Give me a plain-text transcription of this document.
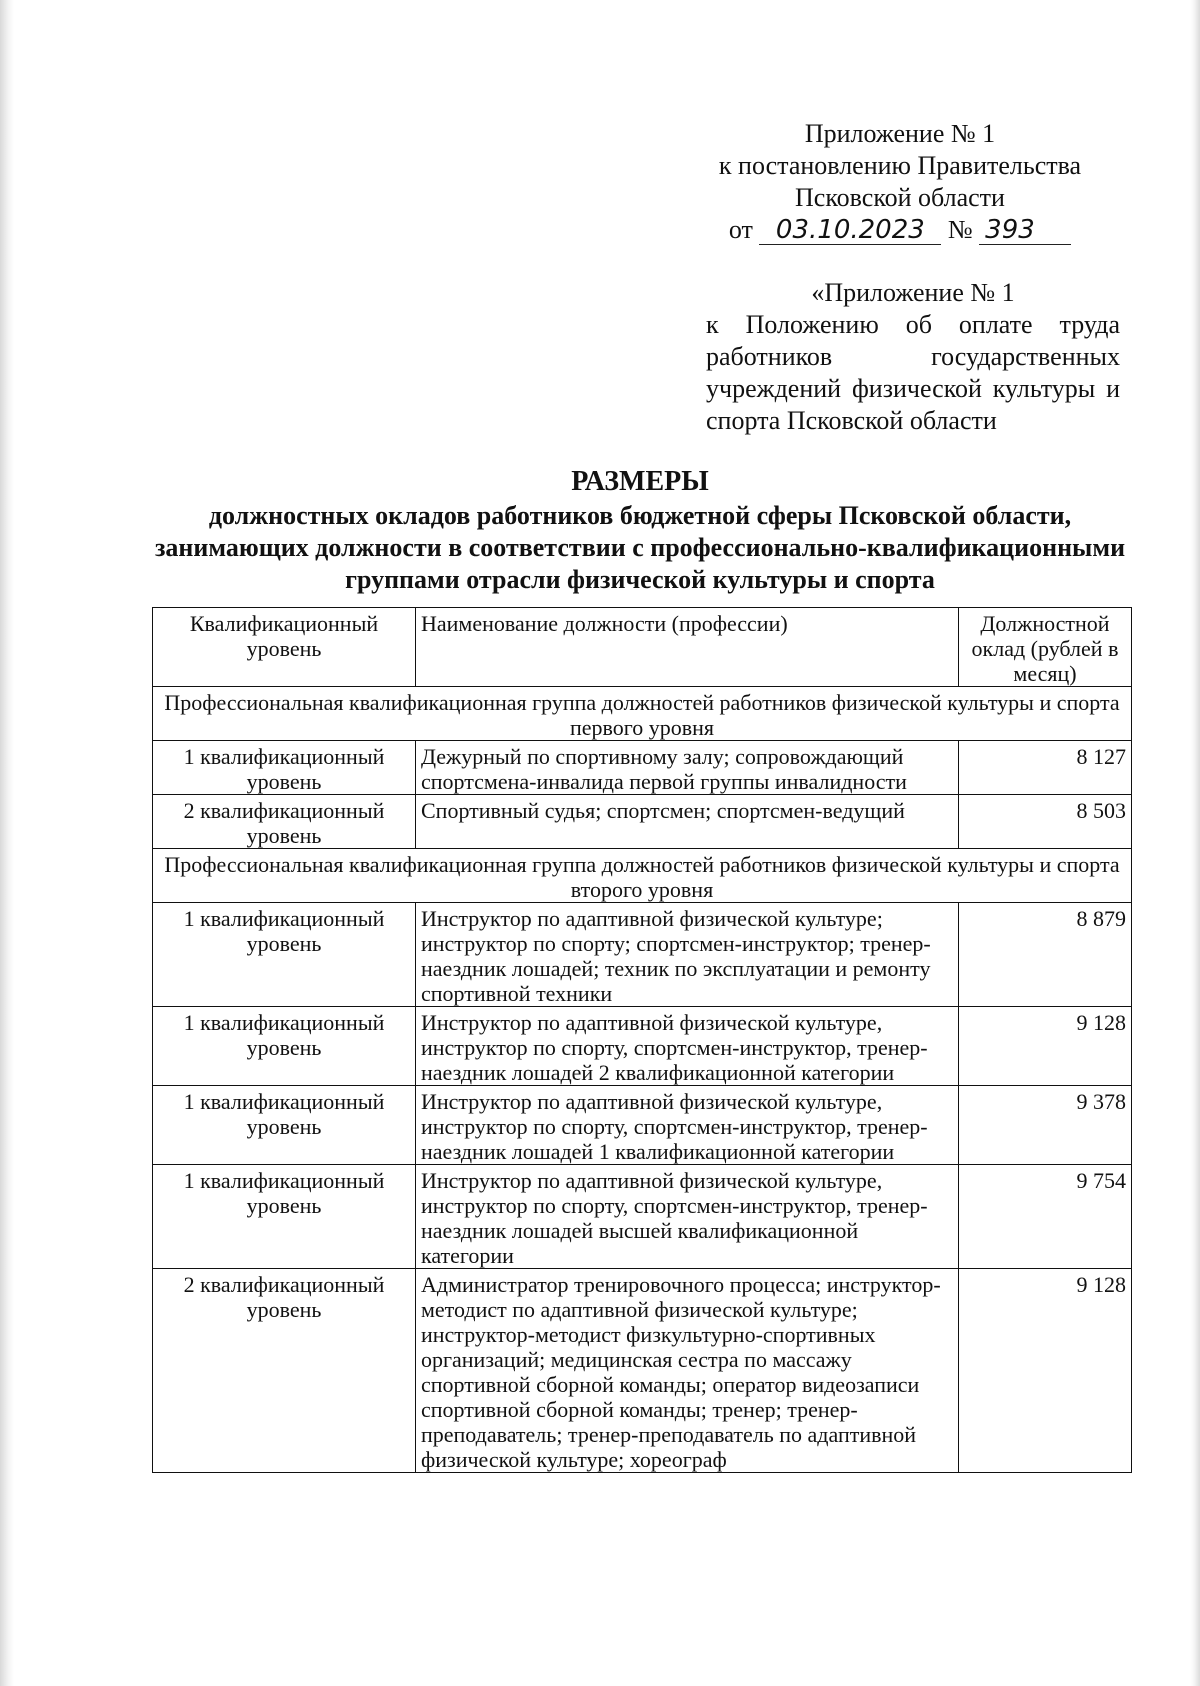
Приложение № 1
к постановлению Правительства
Псковской области
от 03.10.2023 № 393
«Приложение № 1
к Положению об оплате труда работников государственных учреждений физической культуры и спорта Псковской области
РАЗМЕРЫ
должностных окладов работников бюджетной сферы Псковской области, занимающих должности в соответствии с профессионально-квалификационными группами отрасли физической культуры и спорта
Квалификационный уровень	Наименование должности (профессии)	Должностной оклад (рублей в месяц)
Профессиональная квалификационная группа должностей работников физической культуры и спорта первого уровня		
1 квалификационный уровень	Дежурный по спортивному залу; сопровождающий спортсмена-инвалида первой группы инвалидности	8 127
2 квалификационный уровень	Спортивный судья; спортсмен; спортсмен-ведущий	8 503
Профессиональная квалификационная группа должностей работников физической культуры и спорта второго уровня		
1 квалификационный уровень	Инструктор по адаптивной физической культуре; инструктор по спорту; спортсмен-инструктор; тренер-наездник лошадей; техник по эксплуатации и ремонту спортивной техники	8 879
1 квалификационный уровень	Инструктор по адаптивной физической культуре, инструктор по спорту, спортсмен-инструктор, тренер-наездник лошадей 2 квалификационной категории	9 128
1 квалификационный уровень	Инструктор по адаптивной физической культуре, инструктор по спорту, спортсмен-инструктор, тренер-наездник лошадей 1 квалификационной категории	9 378
1 квалификационный уровень	Инструктор по адаптивной физической культуре, инструктор по спорту, спортсмен-инструктор, тренер-наездник лошадей высшей квалификационной категории	9 754
2 квалификационный уровень	Администратор тренировочного процесса; инструктор-методист по адаптивной физической культуре; инструктор-методист физкультурно-спортивных организаций; медицинская сестра по массажу спортивной сборной команды; оператор видеозаписи спортивной сборной команды; тренер; тренер-преподаватель; тренер-преподаватель по адаптивной физической культуре; хореограф	9 128
